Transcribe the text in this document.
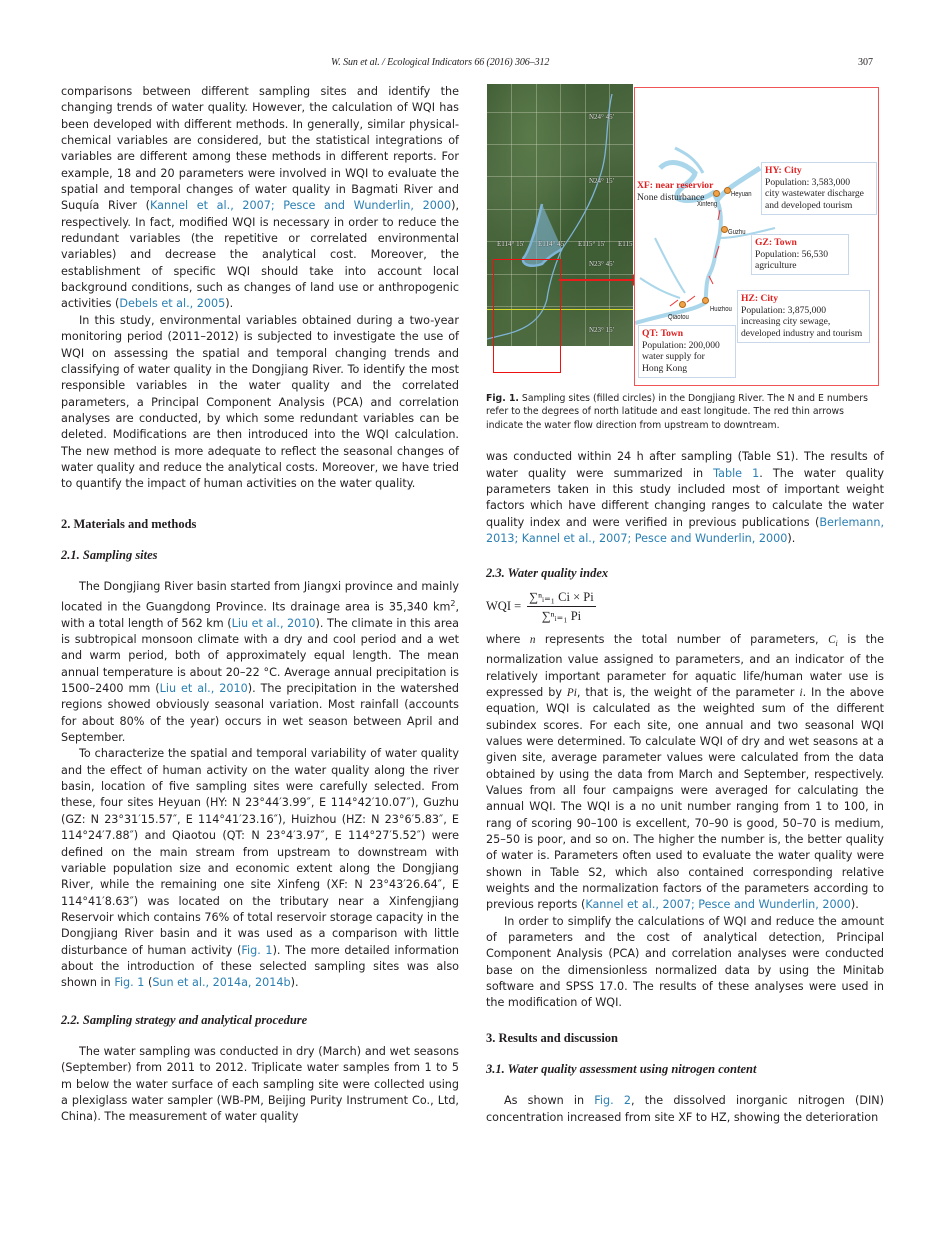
W. Sun et al. / Ecological Indicators 66 (2016) 306–312	307

comparisons between different sampling sites and identify the changing trends of water quality. However, the calculation of WQI has been developed with different methods. In generally, similar physical-chemical variables are considered, but the statistical integrations of variables are different among these methods in different reports. For example, 18 and 20 parameters were involved in WQI to evaluate the spatial and temporal changes of water quality in Bagmati River and Suquía River (Kannel et al., 2007; Pesce and Wunderlin, 2000), respectively. In fact, modified WQI is necessary in order to reduce the redundant variables (the repetitive or correlated environmental variables) and decrease the analytical cost. Moreover, the establishment of specific WQI should take into account local background conditions, such as changes of land use or anthropogenic activities (Debels et al., 2005).

In this study, environmental variables obtained during a two-year monitoring period (2011–2012) is subjected to investigate the use of WQI on assessing the spatial and temporal changing trends and classifying of water quality in the Dongjiang River. To identify the most responsible variables in the water quality and the correlated parameters, a Principal Component Analysis (PCA) and correlation analyses are conducted, by which some redundant variables can be deleted. Modifications are then introduced into the WQI calculation. The new method is more adequate to reflect the seasonal changes of water quality and reduce the analytical costs. Moreover, we have tried to quantify the impact of human activities on the water quality.

2. Materials and methods
2.1. Sampling sites

The Dongjiang River basin started from Jiangxi province and mainly located in the Guangdong Province. Its drainage area is 35,340 $km^2$, with a total length of 562 km (Liu et al., 2010). The climate in this area is subtropical monsoon climate with a dry and cool period and a wet and warm period, both of approximately equal length. The mean annual temperature is about 20–22 °C. Average annual precipitation is 1500–2400 mm (Liu et al., 2010). The precipitation in the watershed regions showed obviously seasonal variation. Most rainfall (accounts for about 80% of the year) occurs in wet season between April and September.

To characterize the spatial and temporal variability of water quality and the effect of human activity on the water quality along the river basin, location of five sampling sites were carefully selected. From these, four sites Heyuan (HY: N 23°44′3.99″, E 114°42′10.07″), Guzhu (GZ: N 23°31′15.57″, E 114°41′23.16″), Huizhou (HZ: N 23°6′5.83″, E 114°24′7.88″) and Qiaotou (QT: N 23°4′3.97″, E 114°27′5.52″) were defined on the main stream from upstream to downstream with variable population size and economic extent along the Dongjiang River, while the remaining one site Xinfeng (XF: N 23°43′26.64″, E 114°41′8.63″) was located on the tributary near a Xinfengjiang Reservoir which contains 76% of total reservoir storage capacity in the Dongjiang River basin and it was used as a comparison with little disturbance of human activity (Fig. 1). The more detailed information about the introduction of these selected sampling sites was also shown in Fig. 1 (Sun et al., 2014a, 2014b).

2.2. Sampling strategy and analytical procedure

The water sampling was conducted in dry (March) and wet seasons (September) from 2011 to 2012. Triplicate water samples from 1 to 5 m below the water surface of each sampling site were collected using a plexiglass water sampler (WB-PM, Beijing Purity Instrument Co., Ltd, China). The measurement of water quality

N24° 45'
N24° 15'
E114° 15' E114° 45' E115° 15' E115
N23° 45'
N23° 15'
Xinfeng
Heyuan
Guzhu
Huizhou
Qiaotou
XF: near reservior
None disturbance
HY: City
Population: 3,583,000
city wastewater discharge
and developed tourism
GZ: Town
Population: 56,530
agriculture
HZ: City
Population: 3,875,000
increasing city sewage,
developed industry and tourism
QT: Town
Population: 200,000
water supply for
Hong Kong
Fig. 1. Sampling sites (filled circles) in the Dongjiang River. The N and E numbers refer to the degrees of north latitude and east longitude. The red thin arrows indicate the water flow direction from upstream to downtream.

was conducted within 24 h after sampling (Table S1). The results of water quality were summarized in Table 1. The water quality parameters taken in this study included most of important weight factors which have different changing ranges to calculate the water quality index and were verified in previous publications (Berlemann, 2013; Kannel et al., 2007; Pesce and Wunderlin, 2000).

2.3. Water quality index
WQI = $\frac{\text{∑ⁿᵢ₌₁ Ci × Pi}}{\text{∑ⁿᵢ₌₁ Pi}}$

where n represents the total number of parameters, $C_i$ is the normalization value assigned to parameters, and an indicator of the relatively important parameter for aquatic life/human water use is expressed by Pi, that is, the weight of the parameter i. In the above equation, WQI is calculated as the weighted sum of the different subindex scores. For each site, one annual and two seasonal WQI values were determined. To calculate WQI of dry and wet seasons at a given site, average parameter values were calculated from the data obtained by using the data from March and September, respectively. Values from all four campaigns were averaged for calculating the annual WQI. The WQI is a no unit number ranging from 1 to 100, in rang of scoring 90–100 is excellent, 70–90 is good, 50–70 is medium, 25–50 is poor, and so on. The higher the number is, the better quality of water is. Parameters often used to evaluate the water quality were shown in Table S2, which also contained corresponding relative weights and the normalization factors of the parameters according to previous reports (Kannel et al., 2007; Pesce and Wunderlin, 2000).

In order to simplify the calculations of WQI and reduce the amount of parameters and the cost of analytical detection, Principal Component Analysis (PCA) and correlation analyses were conducted base on the dimensionless normalized data by using the Minitab software and SPSS 17.0. The results of these analyses were used in the modification of WQI.

3. Results and discussion
3.1. Water quality assessment using nitrogen content

As shown in Fig. 2, the dissolved inorganic nitrogen (DIN) concentration increased from site XF to HZ, showing the deterioration
